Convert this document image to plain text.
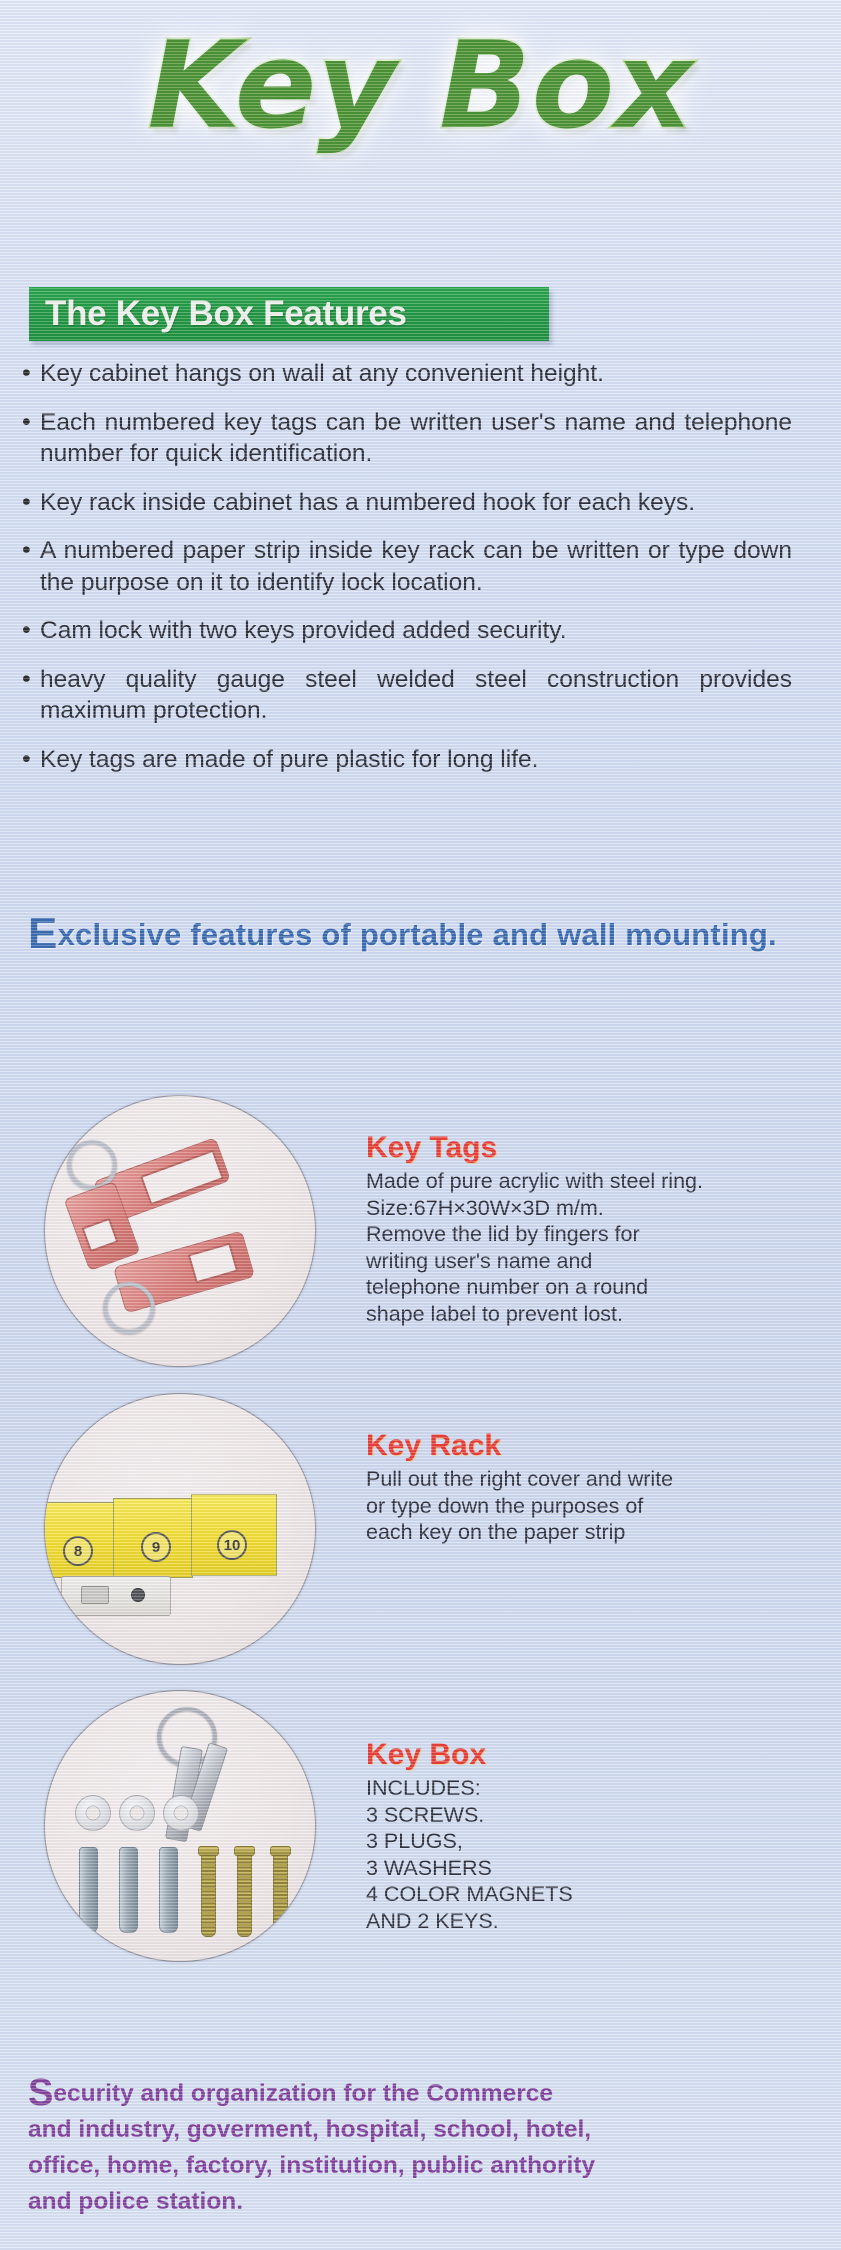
Key Box
The Key Box Features
• Key cabinet hangs on wall at any convenient height.
• Each numbered key tags can be written user's name and telephone number for quick identification.
• Key rack inside cabinet has a numbered hook for each keys.
• A numbered paper strip inside key rack can be written or type down the purpose on it to identify lock location.
• Cam lock with two keys provided added security.
• heavy quality gauge steel welded steel construction provides maximum protection.
• Key tags are made of pure plastic for long life.
Exclusive features of portable and wall mounting.
Key Tags
Made of pure acrylic with steel ring.
Size:67H×30W×3D m/m.
Remove the lid by fingers for
writing user's name and
telephone number on a round
shape label to prevent lost.
8	9	10
Key Rack
Pull out the right cover and write
or type down the purposes of
each key on the paper strip
Key Box
INCLUDES:
3 SCREWS.
3 PLUGS,
3 WASHERS
4 COLOR MAGNETS
AND 2 KEYS.
Security and organization for the Commerce
and industry, goverment, hospital, school, hotel,
office, home, factory, institution, public anthority
and police station.
